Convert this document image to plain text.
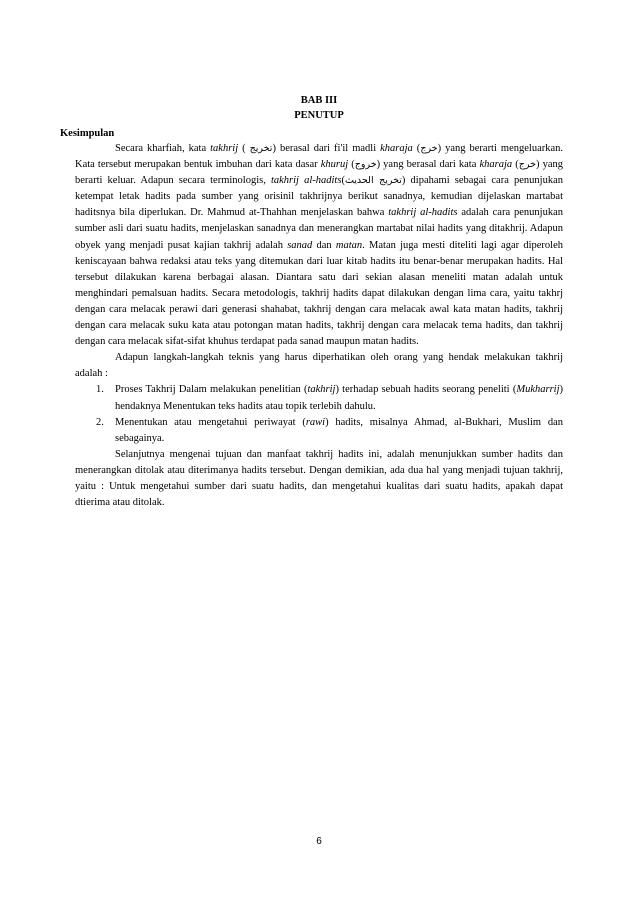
BAB III
PENUTUP
Kesimpulan

Secara kharfiah, kata takhrij ( تخريج) berasal dari fi'il madli kharaja (خرج) yang berarti mengeluarkan. Kata tersebut merupakan bentuk imbuhan dari kata dasar khuruj (خروج) yang berasal dari kata kharaja (خرج) yang berarti keluar. Adapun secara terminologis, takhrij al-hadits(تخريج الحديث) dipahami sebagai cara penunjukan ketempat letak hadits pada sumber yang orisinil takhrijnya berikut sanadnya, kemudian dijelaskan martabat haditsnya bila diperlukan. Dr. Mahmud at-Thahhan menjelaskan bahwa takhrij al-hadits adalah cara penunjukan sumber asli dari suatu hadits, menjelaskan sanadnya dan menerangkan martabat nilai hadits yang ditakhrij. Adapun obyek yang menjadi pusat kajian takhrij adalah sanad dan matan. Matan juga mesti diteliti lagi agar diperoleh keniscayaan bahwa redaksi atau teks yang ditemukan dari luar kitab hadits itu benar-benar merupakan hadits. Hal tersebut dilakukan karena berbagai alasan. Diantara satu dari sekian alasan meneliti matan adalah untuk menghindari pemalsuan hadits. Secara metodologis, takhrij hadits dapat dilakukan dengan lima cara, yaitu takhrj dengan cara melacak perawi dari generasi shahabat, takhrij dengan cara melacak awal kata matan hadits, takhrij dengan cara melacak suku kata atau potongan matan hadits, takhrij dengan cara melacak tema hadits, dan takhrij dengan cara melacak sifat-sifat khuhus terdapat pada sanad maupun matan hadits.

Adapun langkah-langkah teknis yang harus diperhatikan oleh orang yang hendak melakukan takhrij adalah :

1. Proses Takhrij Dalam melakukan penelitian (takhrij) terhadap sebuah hadits seorang peneliti (Mukharrij) hendaknya Menentukan teks hadits atau topik terlebih dahulu.
2. Menentukan atau mengetahui periwayat (rawi) hadits, misalnya Ahmad, al-Bukhari, Muslim dan sebagainya.

Selanjutnya mengenai tujuan dan manfaat takhrij hadits ini, adalah menunjukkan sumber hadits dan menerangkan ditolak atau diterimanya hadits tersebut. Dengan demikian, ada dua hal yang menjadi tujuan takhrij, yaitu : Untuk mengetahui sumber dari suatu hadits, dan mengetahui kualitas dari suatu hadits, apakah dapat dtierima atau ditolak.

6
